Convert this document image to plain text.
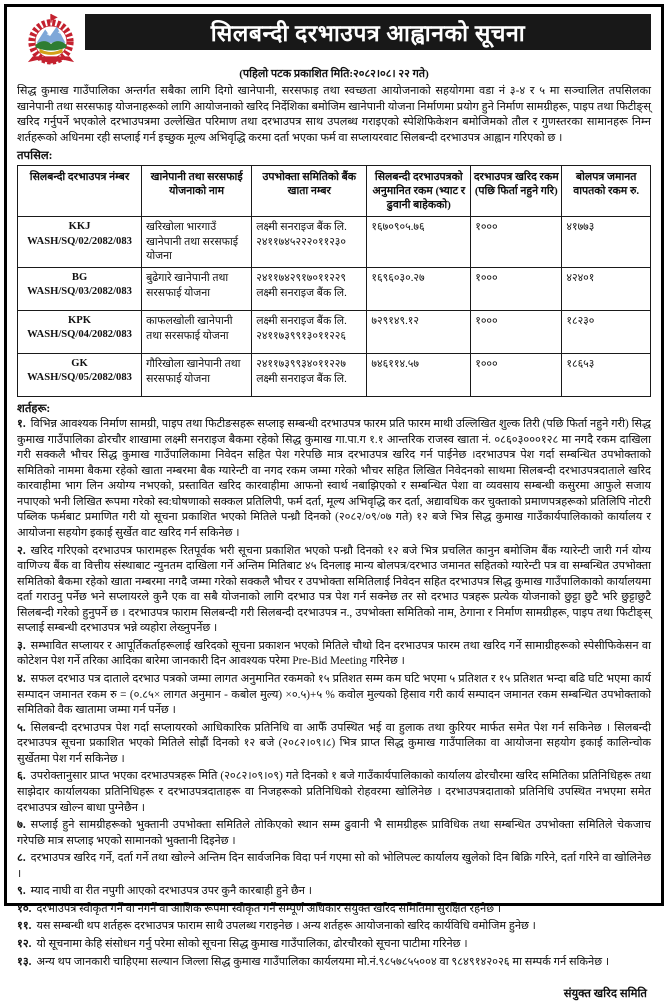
सिलबन्दी दरभाउपत्र आह्वानको सूचना
(पहिलो पटक प्रकाशित मिति:२०८२।०८। २२ गते)

सिद्ध कुमाख गाउँपालिका अन्तर्गत सबैका लागि दिगो खानेपानी, सरसफाइ तथा स्वच्छता आयोजनाको सहयोगमा वडा नं ३-४ र ५ मा सञ्चालित तपसिलका खानेपानी तथा सरसफाइ योजनाहरूको लागि आयोजनाको खरिद निर्देशिका बमोजिम खानेपानी योजना निर्माणमा प्रयोग हुने निर्माण सामग्रीहरू, पाइप तथा फिटीङ्स् खरिद गर्नुपर्ने भएकोले दरभाउपत्रमा उल्लेखित परिमाण तथा दरभाउपत्र साथ उपलब्ध गराइएको स्पेशिफिकेशन बमोजिमको तौल र गुणस्तरका सामानहरू निम्न शर्तहरूको अधिनमा रही सप्लाई गर्न इच्छुक मूल्य अभिवृद्धि करमा दर्ता भएका फर्म वा सप्लायरवाट सिलबन्दी दरभाउपत्र आह्वान गरिएको छ ।

तपसिल:
सिलबन्दी दरभाउपत्र नंम्बर	खानेपानी तथा सरसफाई योजनाको नाम	उपभोक्ता समितिको बैंक खाता नम्बर	सिलबन्दी दरभाउपत्रको अनुमानित रकम (भ्याट र ढुवानी बाहेकको)	दरभाउपत्र खरिद रकम (पछि फिर्ता नहुने गरि)	बोलपत्र जमानत वापतको रकम रु.
KKJ WASH/SQ/02/2082/083	खरिखोला भारगाउँ खानेपानी तथा सरसफाई योजना	लक्ष्मी सनराइज बैंक लि. २४११७४५२२२०११२३०	१६७०९०५.७६	१०००	४१७७३
BG WASH/SQ/03/2082/083	बुढेगारे खानेपानी तथा सरसफाई योजना	२४११७४२९१७०११२२९ लक्ष्मी सनराइज बैंक लि.	१६९६०३०.२७	१०००	४२४०१
KPK WASH/SQ/04/2082/083	काफलखोली खानेपानी तथा सरसफाई योजना	लक्ष्मी सनराइज बैंक लि. २४११७३९९१३०११२२६	७२९१४९.१२	१०००	१८२३०
GK WASH/SQ/05/2082/083	गौरिखोला खानेपानी तथा सरसफाई योजना	२४११७३९९३४०११२२७ लक्ष्मी सनराइज बैंक लि.	७४६११४.५७	१०००	१८६५३
शर्तहरू:

१. विभिन्न आवश्यक निर्माण सामग्री, पाइप तथा फिटीङसहरू सप्लाइ सम्बन्धी दरभाउपत्र फारम प्रति फारम माथी उल्लिखित शुल्क तिरी (पछि फिर्ता नहुने गरी) सिद्ध कुमाख गाउँपालिका ढोरचौर शाखामा लक्ष्मी सनराइज बैकमा रहेको सिद्ध कुमाख गा.पा.ग १.१ आन्तरिक राजस्व खाता नं. ०८६०३०००१२८ मा नगदै रकम दाखिला गरी सक्कलै भौचर सिद्ध कुमाख गाउँपालिकामा निवेदन सहित पेश गरेपछि मात्र दरभाउपत्र खरिद गर्न पाईनेछ ।दरभाउपत्र पेश गर्दा सम्बन्धित उपभोक्ताको समितिको नाममा बैकमा रहेको खाता नम्बरमा बैक ग्यारेन्टी वा नगद रकम जम्मा गरेको भौचर सहित लिखित निवेदनको साथमा सिलबन्दी दरभाउपत्रदाताले खरिद कारवाहीमा भाग लिन अयोग्य नभएको, प्रस्तावित खरिद कारवाहीमा आफनो स्वार्थ नबाझिएको र सम्बन्धित पेशा वा व्यवसाय सम्बन्धी कसुरमा आफुले सजाय नपाएको भनी लिखित रूपमा गरेको स्व:घोषणाको सक्कल प्रतिलिपी, फर्म दर्ता, मूल्य अभिवृद्धि कर दर्ता, अद्यावधिक कर चुक्ताको प्रमाणपत्रहरूको प्रतिलिपि नोटरी पब्लिक फर्मबाट प्रमाणित गरी यो सूचना प्रकाशित भएको मितिले पन्ध्रौ दिनको (२०८२/०९/०७ गते) १२ बजे भित्र सिद्ध कुमाख गाउँकार्यपालिकाको कार्यालय र आयोजना सहयोग इकाई सुर्खेत वाट खरिद गर्न सकिनेछ ।

२. खरिद गरिएको दरभाउपत्र फारामहरू रितपूर्वक भरी सूचना प्रकाशित भएको पन्ध्रौ दिनको १२ बजे भित्र प्रचलित कानुन बमोजिम बैंक ग्यारेन्टी जारी गर्न योग्य वाणिज्य बैंक वा वित्तीय संस्थाबाट न्युनतम दाखिला गर्ने अन्तिम मितिबाट ४५ दिनलाइ मान्य बोलपत्र/दरभाउ जमानत सहितको ग्यारेन्टी पत्र वा सम्बन्धित उपभोक्ता समितिको बैकमा रहेको खाता नम्बरमा नगदै जम्मा गरेको सक्कलै भौचर र उपभोक्ता समितिलाई निवेदन सहित दरभाउपत्र सिद्ध कुमाख गाउँपालिकाको कार्यालयमा दर्ता गराउनु पर्नेछ भने सप्लायरले कुनै एक वा सबै योजनाको लागि दरभाउ पत्र पेश गर्न सक्नेछ तर सो दरभाउ पत्रहरू प्रत्येक योजनाको छुट्टा छुटै भरि छुट्टाछुटै सिलबन्दी गरेको हुनुपर्ने छ । दरभाउपत्र फाराम सिलबन्दी गरी सिलबन्दी दरभाउपत्र न., उपभोक्ता समितिको नाम, ठेगाना र निर्माण सामग्रीहरू, पाइप तथा फिटीङ्स् सप्लाई सम्बन्धी दरभाउपत्र भन्ने व्यहोरा लेख्नुपर्नेछ ।

३. सम्भावित सप्लायर र आपूर्तिकर्ताहरूलाई खरिदको सूचना प्रकाशन भएको मितिले चौथो दिन दरभाउपत्र फारम तथा खरिद गर्ने सामाग्रीहरूको स्पेसीफिकेसन वा कोटेशन पेश गर्ने तरिका आदिका बारेमा जानकारी दिन आवश्यक परेमा Pre-Bid Meeting गरिनेछ ।

४. सफल दरभाउ पत्र दाताले दरभाउ पत्रको जम्मा लागत अनुमानित रकमको १५ प्रतिशत सम्म कम घटि भएमा ५ प्रतिशत र १५ प्रतिशत भन्दा बढि घटि भएमा कार्य सम्पादन जमानत रकम रु = (०.८५× लागत अनुमान - कबोल मुल्य) ×०.५)+५ % कवोल मुल्यको हिसाव गरी कार्य सम्पादन जमानत रकम सम्बन्धित उपभोक्ताको समितिको वैक खातामा जम्मा गर्न पर्नेछ ।

५. सिलबन्दी दरभाउपत्र पेश गर्दा सप्लायरको आधिकारिक प्रतिनिधि वा आफैँ उपस्थित भई वा हुलाक तथा कुरियर मार्फत समेत पेश गर्न सकिनेछ । सिलबन्दी दरभाउपत्र सूचना प्रकाशित भएको मितिले सोह्रौं दिनको १२ बजे (२०८२।०९।८) भित्र प्राप्त सिद्ध कुमाख गाउँपालिका वा आयोजना सहयोग इकाई कालिन्चोक सुर्खेतमा पेश गर्न सकिनेछ ।

६. उपरोक्तानुसार प्राप्त भएका दरभाउपत्रहरू मिति (२०८२।०९।०९) गते दिनको १ बजे गाउँकार्यपालिकाको कार्यालय ढोरचौरमा खरिद समितिका प्रतिनिधिहरू तथा साझेदार कार्यालयका प्रतिनिधिहरू र दरभाउपत्रदाताहरू वा निजहरूको प्रतिनिधिको रोहवरमा खोलिनेछ । दरभाउपत्रदाताको प्रतिनिधि उपस्थित नभएमा समेत दरभाउपत्र खोल्न बाधा पुग्नेछैन ।

७. सप्लाई हुने सामग्रीहरूको भुक्तानी उपभोक्ता समितिले तोकिएको स्थान सम्म ढुवानी भै सामग्रीहरू प्राविधिक तथा सम्बन्धित उपभोक्ता समितिले चेकजाच गरेपछि मात्र सप्लाइ भएको सामानको भुक्तानी दिइनेछ ।

८. दरभाउपत्र खरिद गर्ने, दर्ता गर्ने तथा खोल्ने अन्तिम दिन सार्वजनिक विदा पर्न गएमा सो को भोलिपल्ट कार्यालय खुलेको दिन बिक्रि गरिने, दर्ता गरिने वा खोलिनेछ ।

९. म्याद नाघी वा रीत नपुगी आएको दरभाउपत्र उपर कुनै कारबाही हुने छैन ।

१०. दरभाउपत्र स्वीकृत गर्ने वा नगर्ने वा आंशिक रूपमा स्वीकृत गर्ने सम्पूर्ण अधिकार संयुक्त खरिद समितिमा सुरक्षित रहनेछ ।

११. यस सम्बन्धी थप शर्तहरू दरभाउपत्र फाराम साथै उपलब्ध गराइनेछ । अन्य शर्तहरू आयोजनाको खरिद कार्यविधि वमोजिम हुनेछ ।

१२. यो सूचनामा केहि संसोधन गर्नु परेमा सोको सूचना सिद्ध कुमाख गाउँपालिका, ढोरचौरको सूचना पाटीमा गरिनेछ ।

१३. अन्य थप जानकारी चाहिएमा सल्यान जिल्ला सिद्ध कुमाख गाउँपालिका कार्यलयमा मो.नं.९८५७८५५००४ वा ९८४९१४२०२६ मा सम्पर्क गर्न सकिनेछ ।

संयुक्त खरिद समिति
